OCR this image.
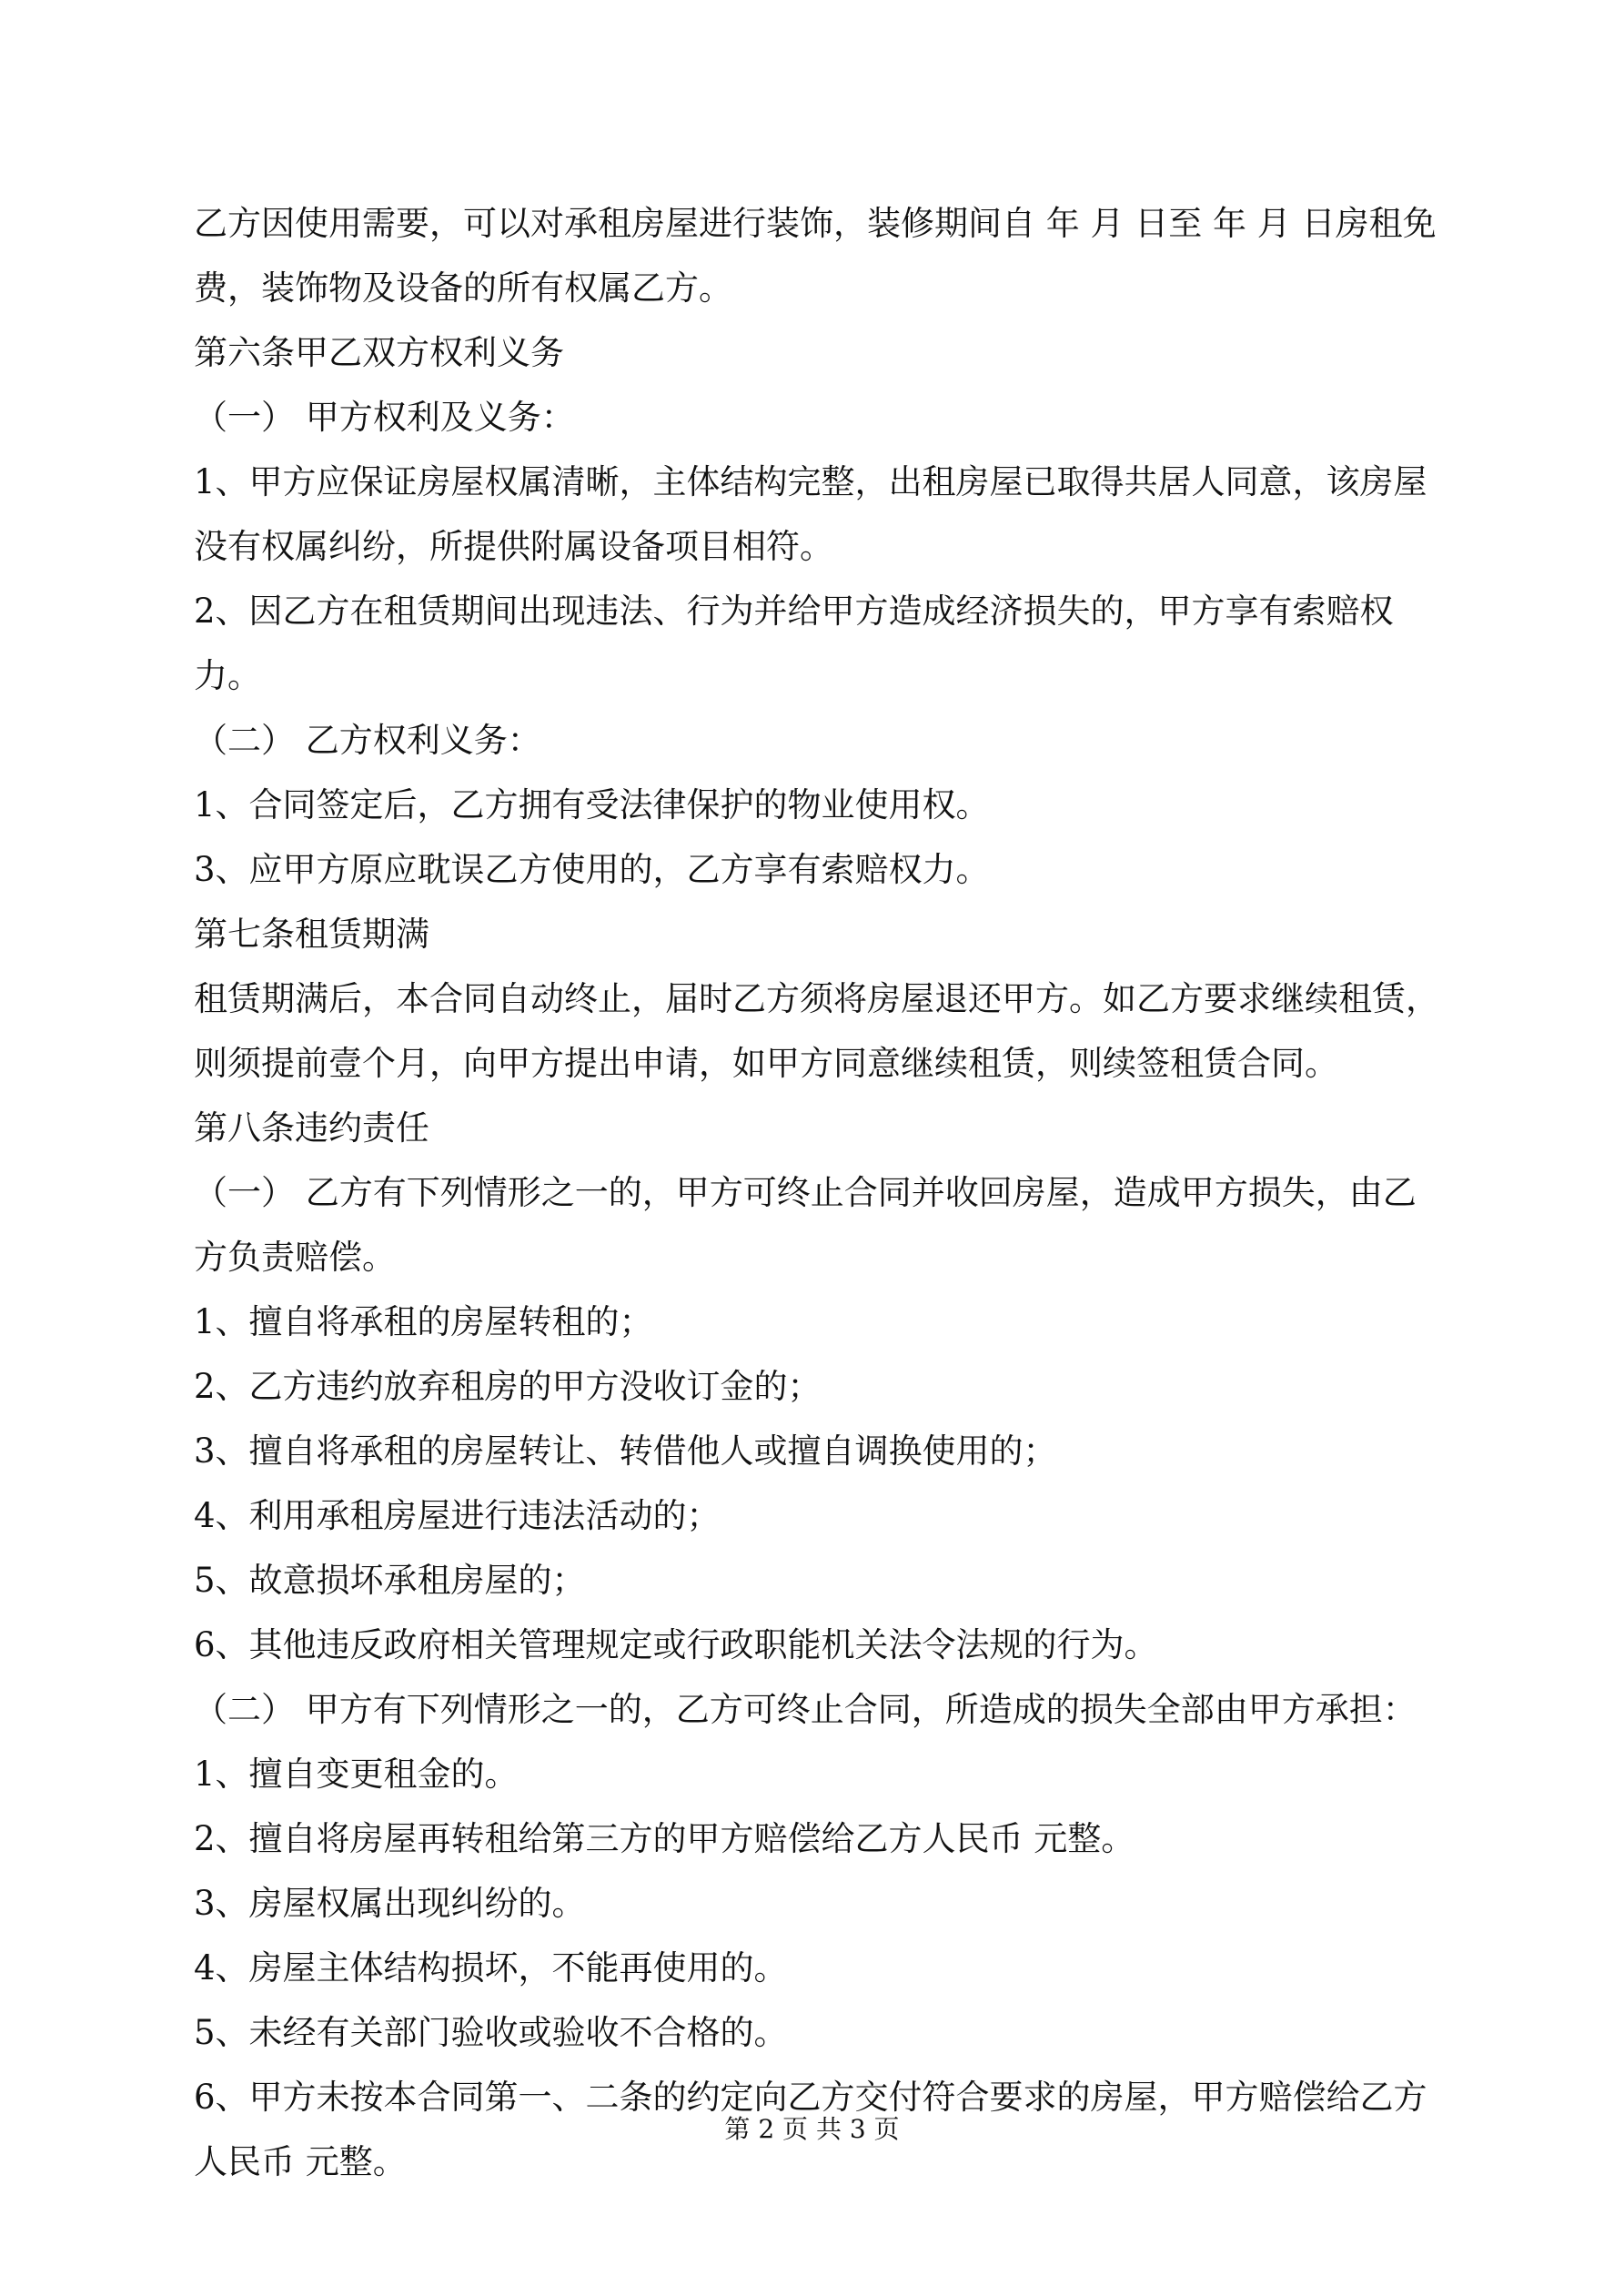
乙方因使用需要，可以对承租房屋进行装饰，装修期间自 年 月 日至 年 月 日房租免费，装饰物及设备的所有权属乙方。

第六条甲乙双方权利义务

（一） 甲方权利及义务：

1、甲方应保证房屋权属清晰，主体结构完整，出租房屋已取得共居人同意，该房屋没有权属纠纷，所提供附属设备项目相符。

2、因乙方在租赁期间出现违法、行为并给甲方造成经济损失的，甲方享有索赔权力。

（二） 乙方权利义务：

1、合同签定后，乙方拥有受法律保护的物业使用权。

3、应甲方原应耽误乙方使用的，乙方享有索赔权力。

第七条租赁期满

租赁期满后，本合同自动终止，届时乙方须将房屋退还甲方。如乙方要求继续租赁，则须提前壹个月，向甲方提出申请，如甲方同意继续租赁，则续签租赁合同。

第八条违约责任

（一） 乙方有下列情形之一的，甲方可终止合同并收回房屋，造成甲方损失，由乙方负责赔偿。

1、擅自将承租的房屋转租的；

2、乙方违约放弃租房的甲方没收订金的；

3、擅自将承租的房屋转让、转借他人或擅自调换使用的；

4、利用承租房屋进行违法活动的；

5、故意损坏承租房屋的；

6、其他违反政府相关管理规定或行政职能机关法令法规的行为。

（二） 甲方有下列情形之一的，乙方可终止合同，所造成的损失全部由甲方承担：

1、擅自变更租金的。

2、擅自将房屋再转租给第三方的甲方赔偿给乙方人民币 元整。

3、房屋权属出现纠纷的。

4、房屋主体结构损坏，不能再使用的。

5、未经有关部门验收或验收不合格的。

6、甲方未按本合同第一、二条的约定向乙方交付符合要求的房屋，甲方赔偿给乙方人民币 元整。

第 2 页 共 3 页
